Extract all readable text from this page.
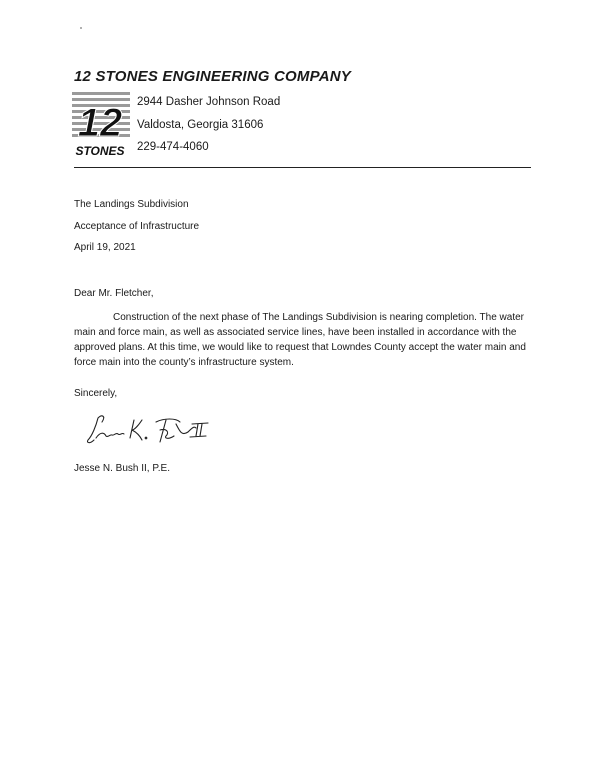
12 STONES ENGINEERING COMPANY
12
STONES
2944 Dasher Johnson Road
Valdosta, Georgia 31606
229-474-4060
The Landings Subdivision
Acceptance of Infrastructure
April 19, 2021
Dear Mr. Fletcher,
Construction of the next phase of The Landings Subdivision is nearing completion. The water main and force main, as well as associated service lines, have been installed in accordance with the approved plans. At this time, we would like to request that Lowndes County accept the water main and force main into the county’s infrastructure system.
Sincerely,
Jesse N. Bush II, P.E.
